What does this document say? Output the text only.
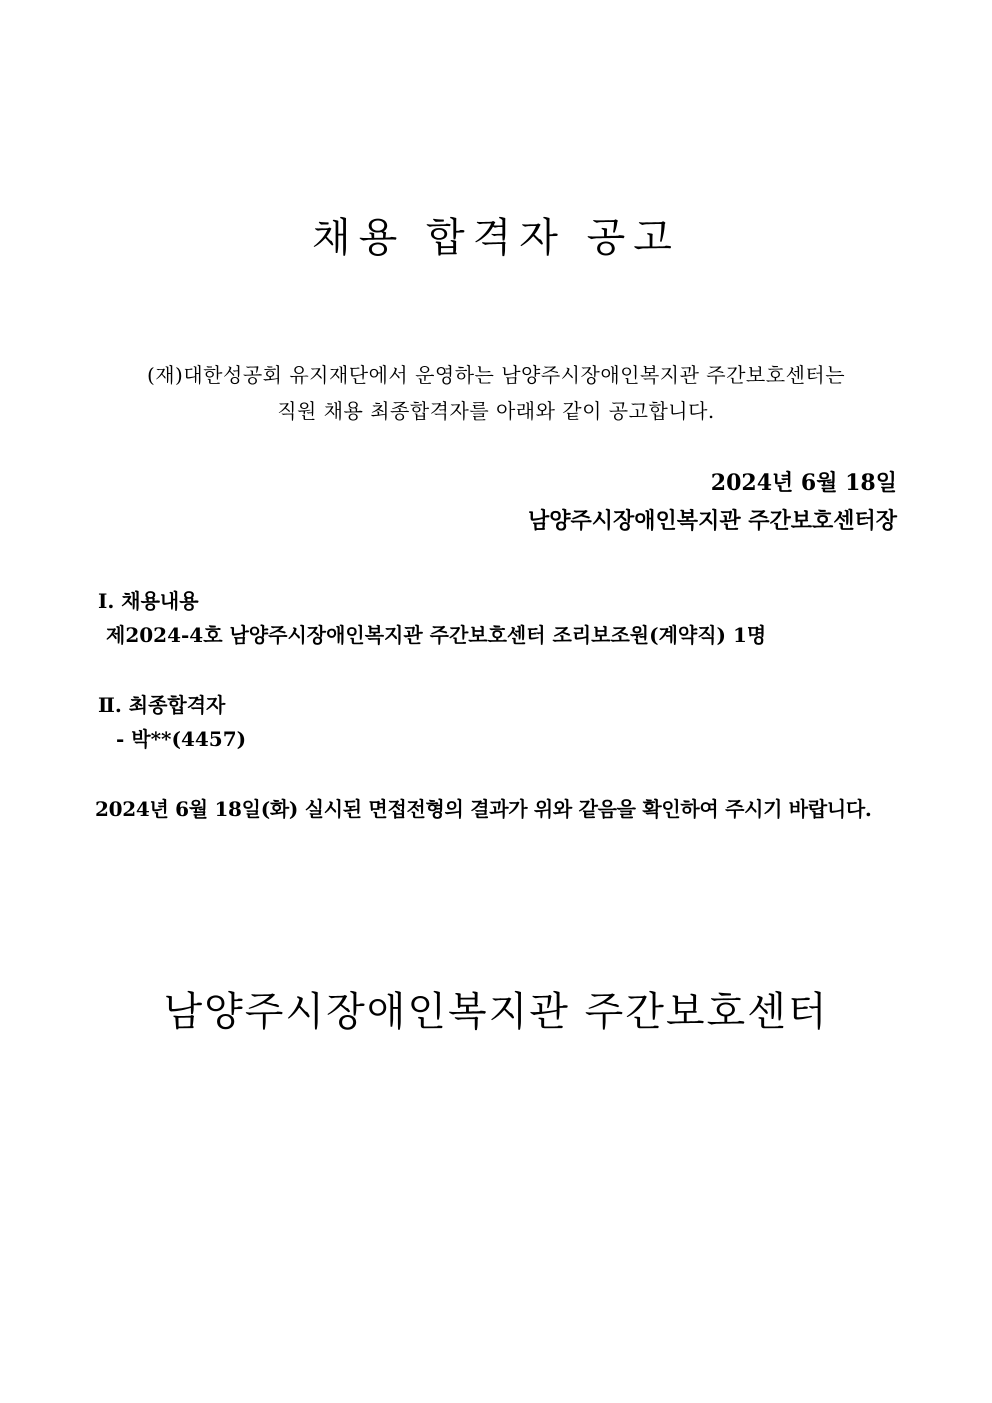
채용 합격자 공고
(재)대한성공회 유지재단에서 운영하는 남양주시장애인복지관 주간보호센터는
직원 채용 최종합격자를 아래와 같이 공고합니다.
2024년 6월 18일
남양주시장애인복지관 주간보호센터장
Ⅰ. 채용내용
제2024-4호 남양주시장애인복지관 주간보호센터 조리보조원(계약직) 1명
Ⅱ. 최종합격자
- 박**(4457)
2024년 6월 18일(화) 실시된 면접전형의 결과가 위와 같음을 확인하여 주시기 바랍니다.
남양주시장애인복지관 주간보호센터
